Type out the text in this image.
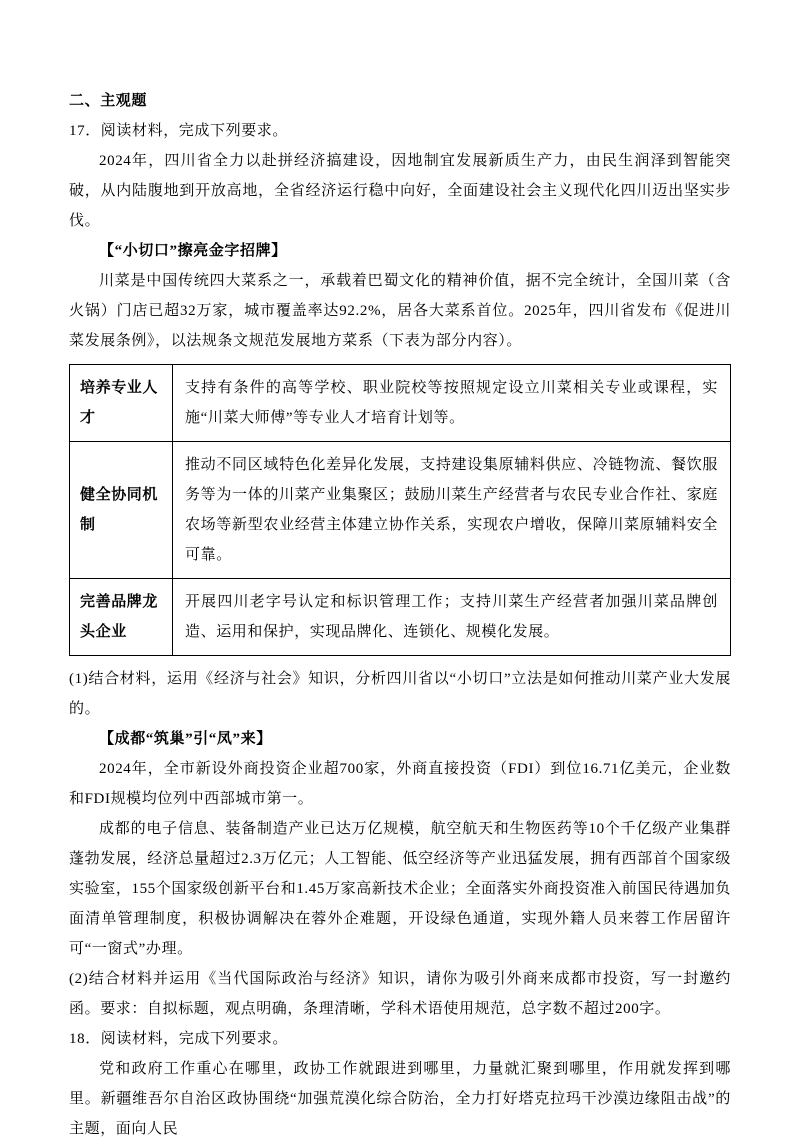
二、主观题

17．阅读材料，完成下列要求。

2024年，四川省全力以赴拼经济搞建设，因地制宜发展新质生产力，由民生润泽到智能突破，从内陆腹地到开放高地，全省经济运行稳中向好，全面建设社会主义现代化四川迈出坚实步伐。

【“小切口”擦亮金字招牌】

川菜是中国传统四大菜系之一，承载着巴蜀文化的精神价值，据不完全统计，全国川菜（含火锅）门店已超32万家，城市覆盖率达92.2%，居各大菜系首位。2025年，四川省发布《促进川菜发展条例》，以法规条文规范发展地方菜系（下表为部分内容）。

培养专业人才	支持有条件的高等学校、职业院校等按照规定设立川菜相关专业或课程，实施“川菜大师傅”等专业人才培育计划等。
健全协同机制	推动不同区域特色化差异化发展，支持建设集原辅料供应、冷链物流、餐饮服务等为一体的川菜产业集聚区；鼓励川菜生产经营者与农民专业合作社、家庭农场等新型农业经营主体建立协作关系，实现农户增收，保障川菜原辅料安全可靠。
完善品牌龙头企业	开展四川老字号认定和标识管理工作；支持川菜生产经营者加强川菜品牌创造、运用和保护，实现品牌化、连锁化、规模化发展。

(1)结合材料，运用《经济与社会》知识，分析四川省以“小切口”立法是如何推动川菜产业大发展的。

【成都“筑巢”引“凤”来】

2024年，全市新设外商投资企业超700家，外商直接投资（FDI）到位16.71亿美元，企业数和FDI规模均位列中西部城市第一。

成都的电子信息、装备制造产业已达万亿规模，航空航天和生物医药等10个千亿级产业集群蓬勃发展，经济总量超过2.3万亿元；人工智能、低空经济等产业迅猛发展，拥有西部首个国家级实验室，155个国家级创新平台和1.45万家高新技术企业；全面落实外商投资准入前国民待遇加负面清单管理制度，积极协调解决在蓉外企难题，开设绿色通道，实现外籍人员来蓉工作居留许可“一窗式”办理。

(2)结合材料并运用《当代国际政治与经济》知识，请你为吸引外商来成都市投资，写一封邀约函。要求：自拟标题，观点明确，条理清晰，学科术语使用规范，总字数不超过200字。

18．阅读材料，完成下列要求。

党和政府工作重心在哪里，政协工作就跟进到哪里，力量就汇聚到哪里，作用就发挥到哪里。新疆维吾尔自治区政协围绕“加强荒漠化综合防治，全力打好塔克拉玛干沙漠边缘阻击战”的主题，面向人民
